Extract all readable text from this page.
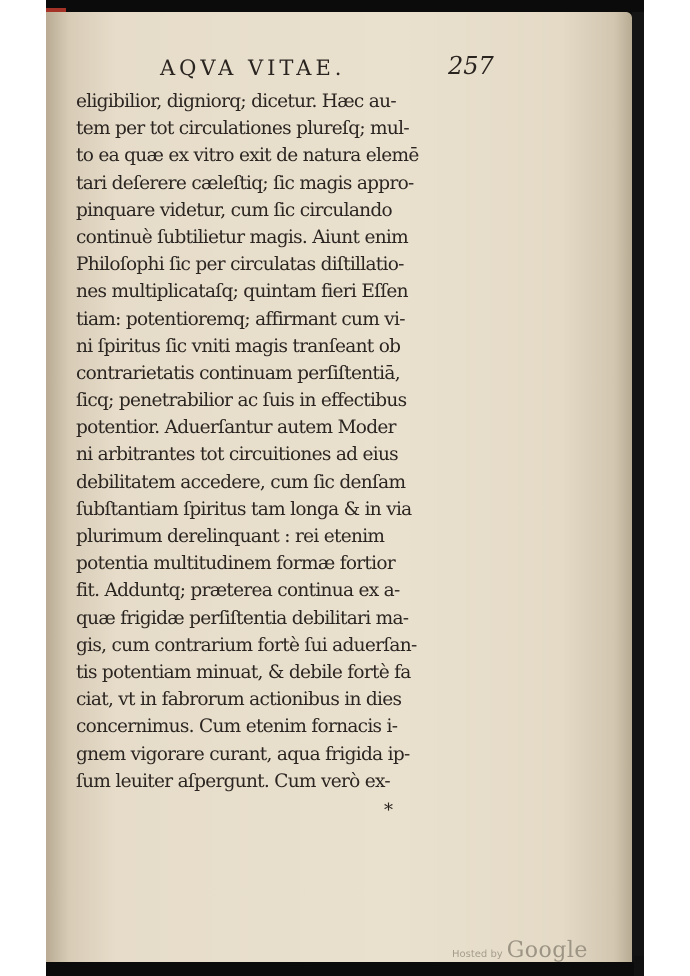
AQVA VITAE.	257
eligibilior, digniorq; dicetur. Hæc au-
tem per tot circulationes plureſq; mul-
to ea quæ ex vitro exit de natura elemē
tari deſerere cæleſtiq; ſic magis appro-
pinquare videtur, cum ſic circulando
continuè ſubtilietur magis. Aiunt enim
Philoſophi ſic per circulatas diſtillatio-
nes multiplicataſq; quintam fieri Eſſen
tiam: potentioremq; affirmant cum vi-
ni ſpiritus ſic vniti magis tranſeant ob
contrarietatis continuam perſiſtentiā,
ſicq; penetrabilior ac ſuis in effectibus
potentior. Aduerſantur autem Moder
ni arbitrantes tot circuitiones ad eius
debilitatem accedere, cum ſic denſam
ſubſtantiam ſpiritus tam longa & in via
plurimum derelinquant : rei etenim
potentia multitudinem formæ fortior
fit. Adduntq; præterea continua ex a-
quæ frigidæ perſiſtentia debilitari ma-
gis, cum contrarium fortè ſui aduerſan-
tis potentiam minuat, & debile fortè fa
ciat, vt in fabrorum actionibus in dies
concernimus. Cum etenim fornacis i-
gnem vigorare curant, aqua frigida ip-
ſum leuiter aſpergunt. Cum verò ex-
*
Hosted by Google
